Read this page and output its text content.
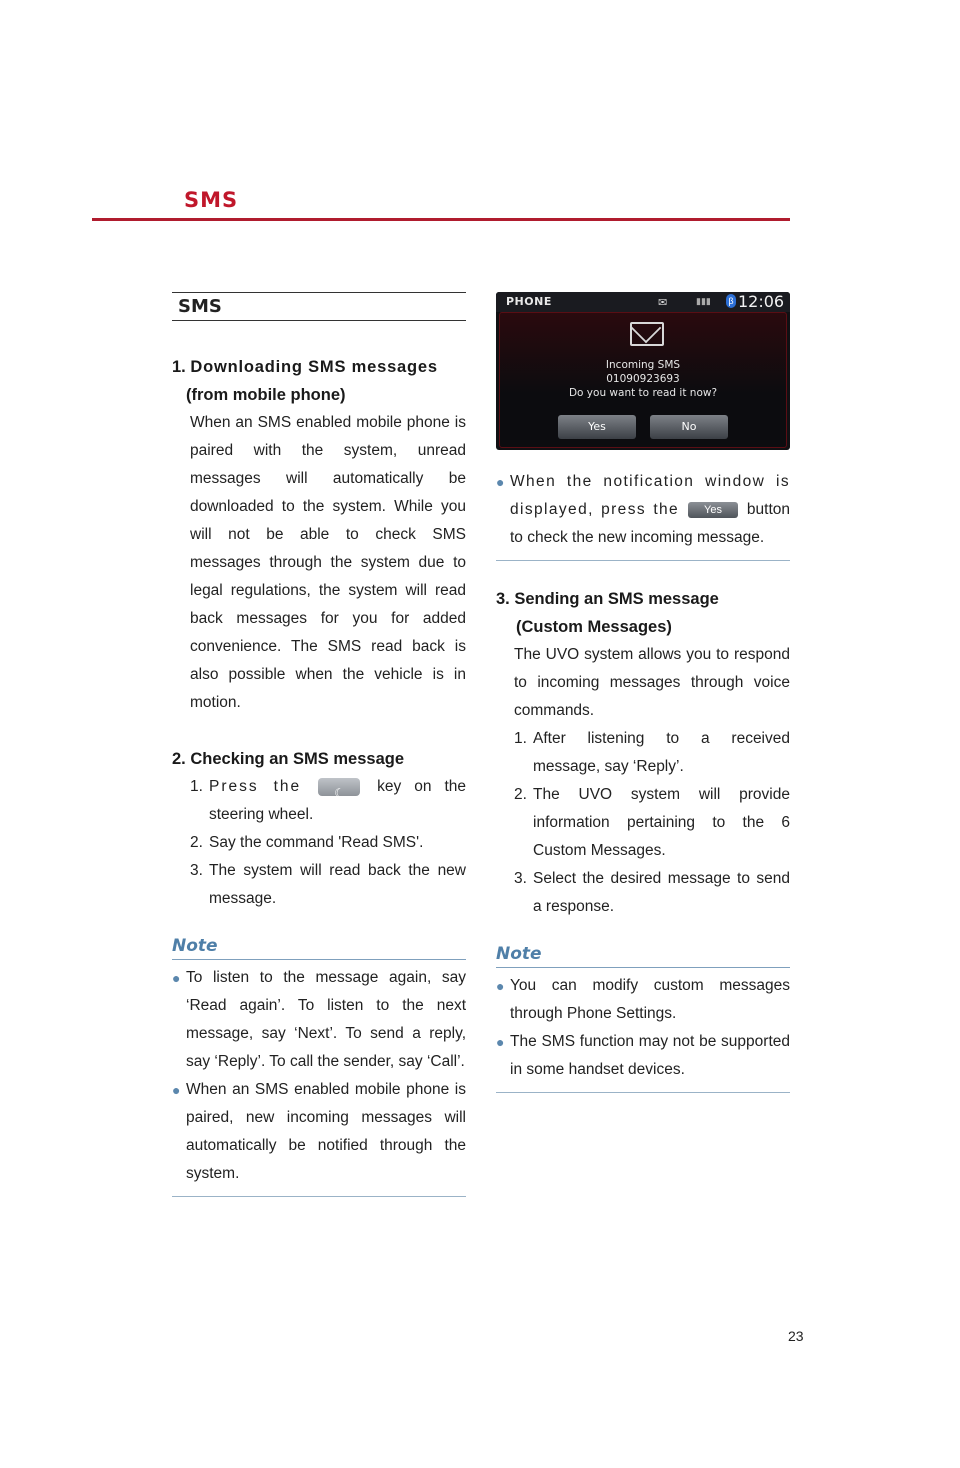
SMS
SMS
1. Downloading SMS messages
(from mobile phone)
When an SMS enabled mobile phone is paired with the system, unread messages will automatically be downloaded to the system. While you will not be able to check SMS messages through the system due to legal regulations, the system will read back messages for you for added convenience. The SMS read back is also possible when the vehicle is in motion.
2. Checking an SMS message
1. Press the	☾ key on the steering wheel.
2. Say the command 'Read SMS'.
3. The system will read back the new message.
Note
● To listen to the message again, say ‘Read again’. To listen to the next message, say ‘Next’. To send a reply, say ‘Reply’. To call the sender, say ‘Call’.
● When an SMS enabled mobile phone is paired, new incoming messages will automatically be notified through the system.
PHONE	✉	▮▮▮ β 12:06
Incoming SMS
01090923693
Do you want to read it now?
Yes	No
● When the notification window is displayed, press the Yes button to check the new incoming message.
3. Sending an SMS message
(Custom Messages)
The UVO system allows you to respond to incoming messages through voice commands.
1. After listening to a received message, say ‘Reply’.
2. The UVO system will provide information pertaining to the 6 Custom Messages.
3. Select the desired message to send a response.
Note
● You can modify custom messages through Phone Settings.
● The SMS function may not be supported in some handset devices.
23
